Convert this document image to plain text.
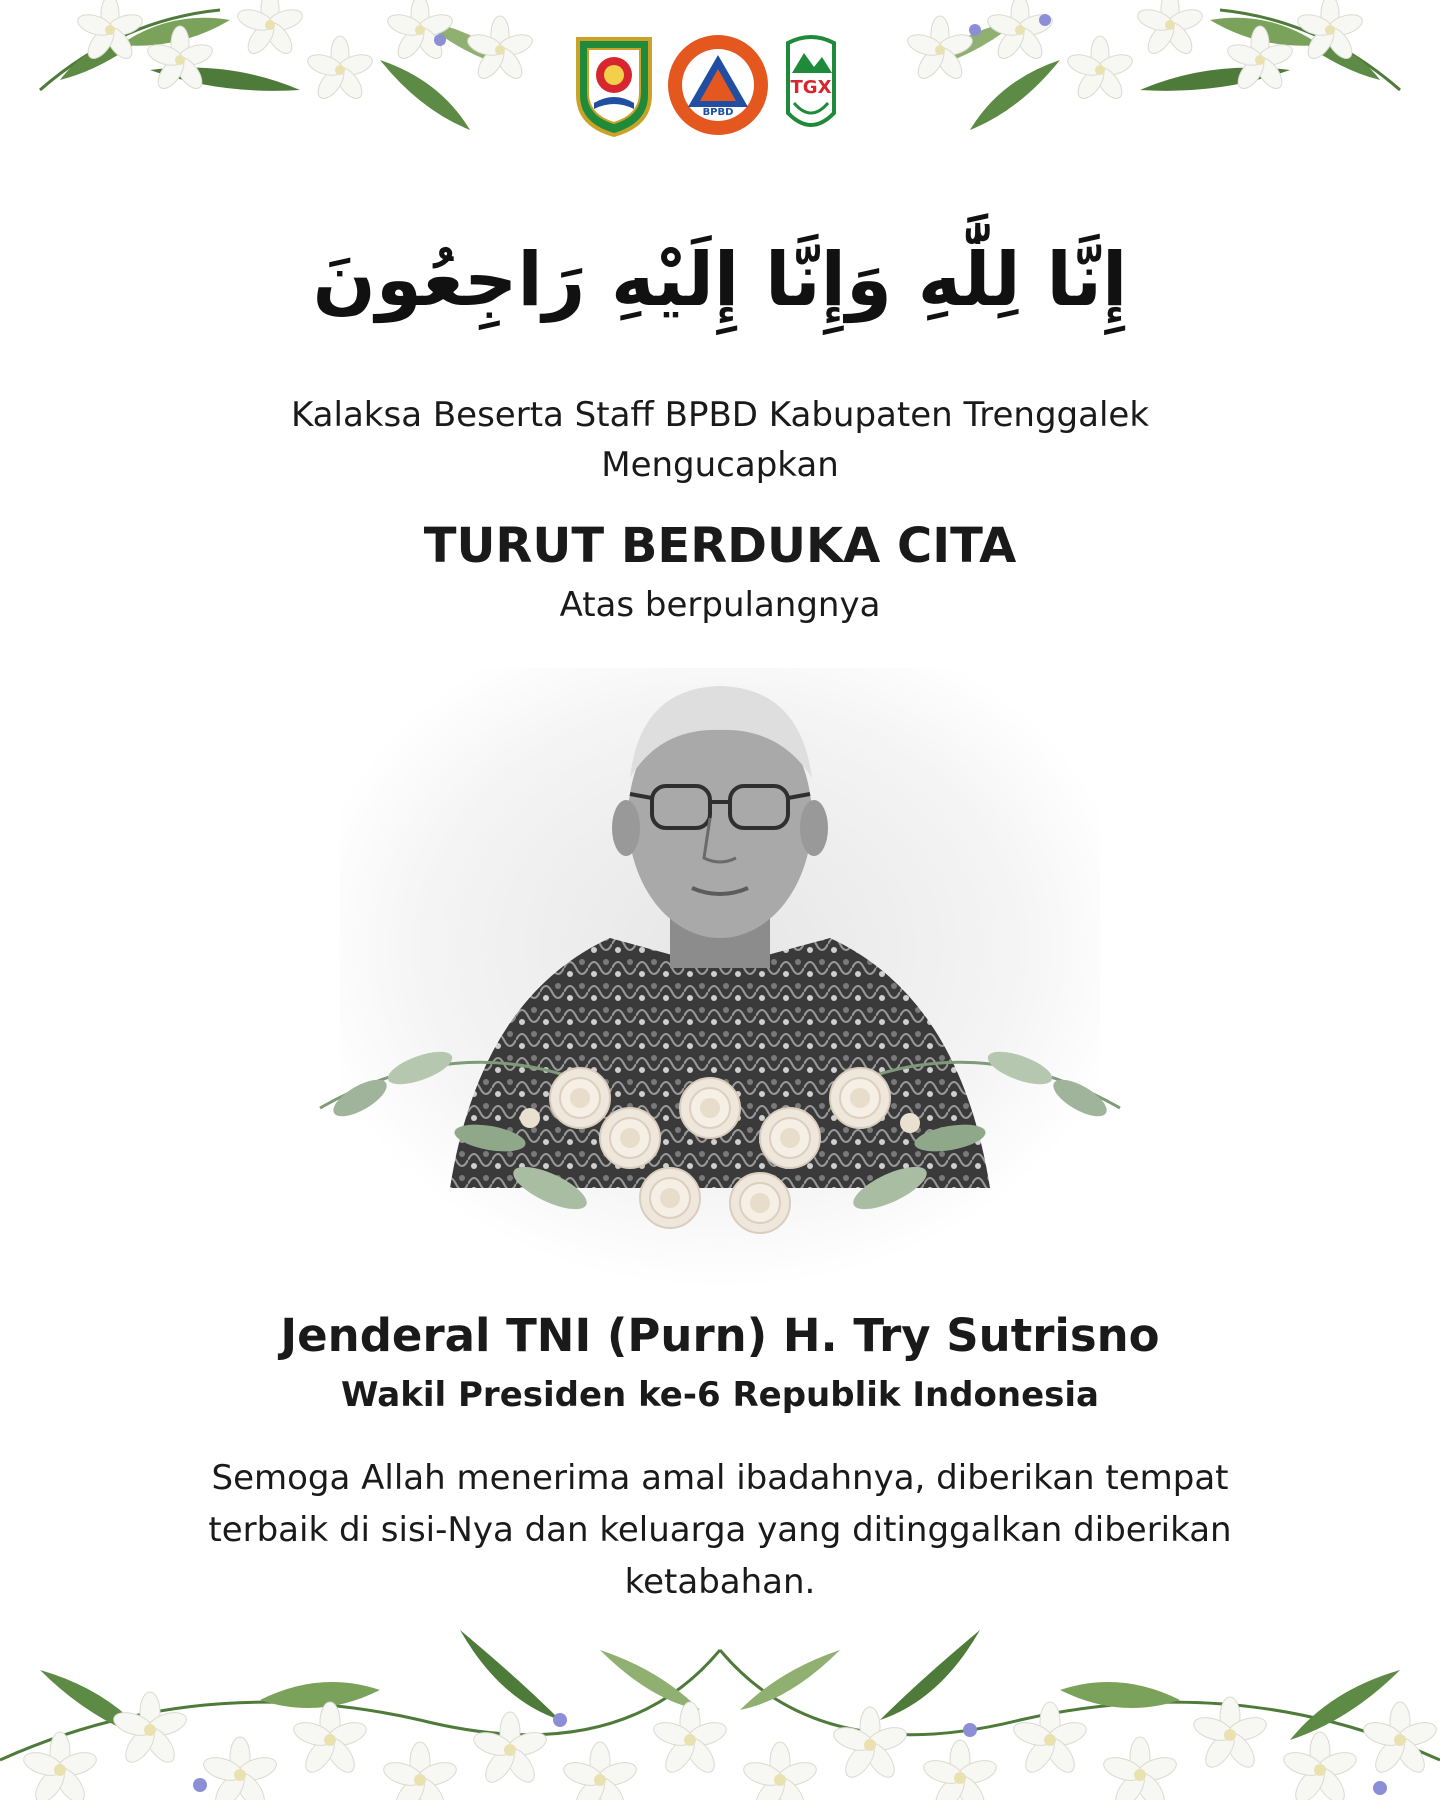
BPBD
TGX
إِنَّا لِلَّٰهِ وَإِنَّا إِلَيْهِ رَاجِعُونَ
Kalaksa Beserta Staff BPBD Kabupaten Trenggalek
Mengucapkan
TURUT BERDUKA CITA
Atas berpulangnya
Jenderal TNI (Purn) H. Try Sutrisno
Wakil Presiden ke-6 Republik Indonesia
Semoga Allah menerima amal ibadahnya, diberikan tempat
terbaik di sisi-Nya dan keluarga yang ditinggalkan diberikan
ketabahan.
